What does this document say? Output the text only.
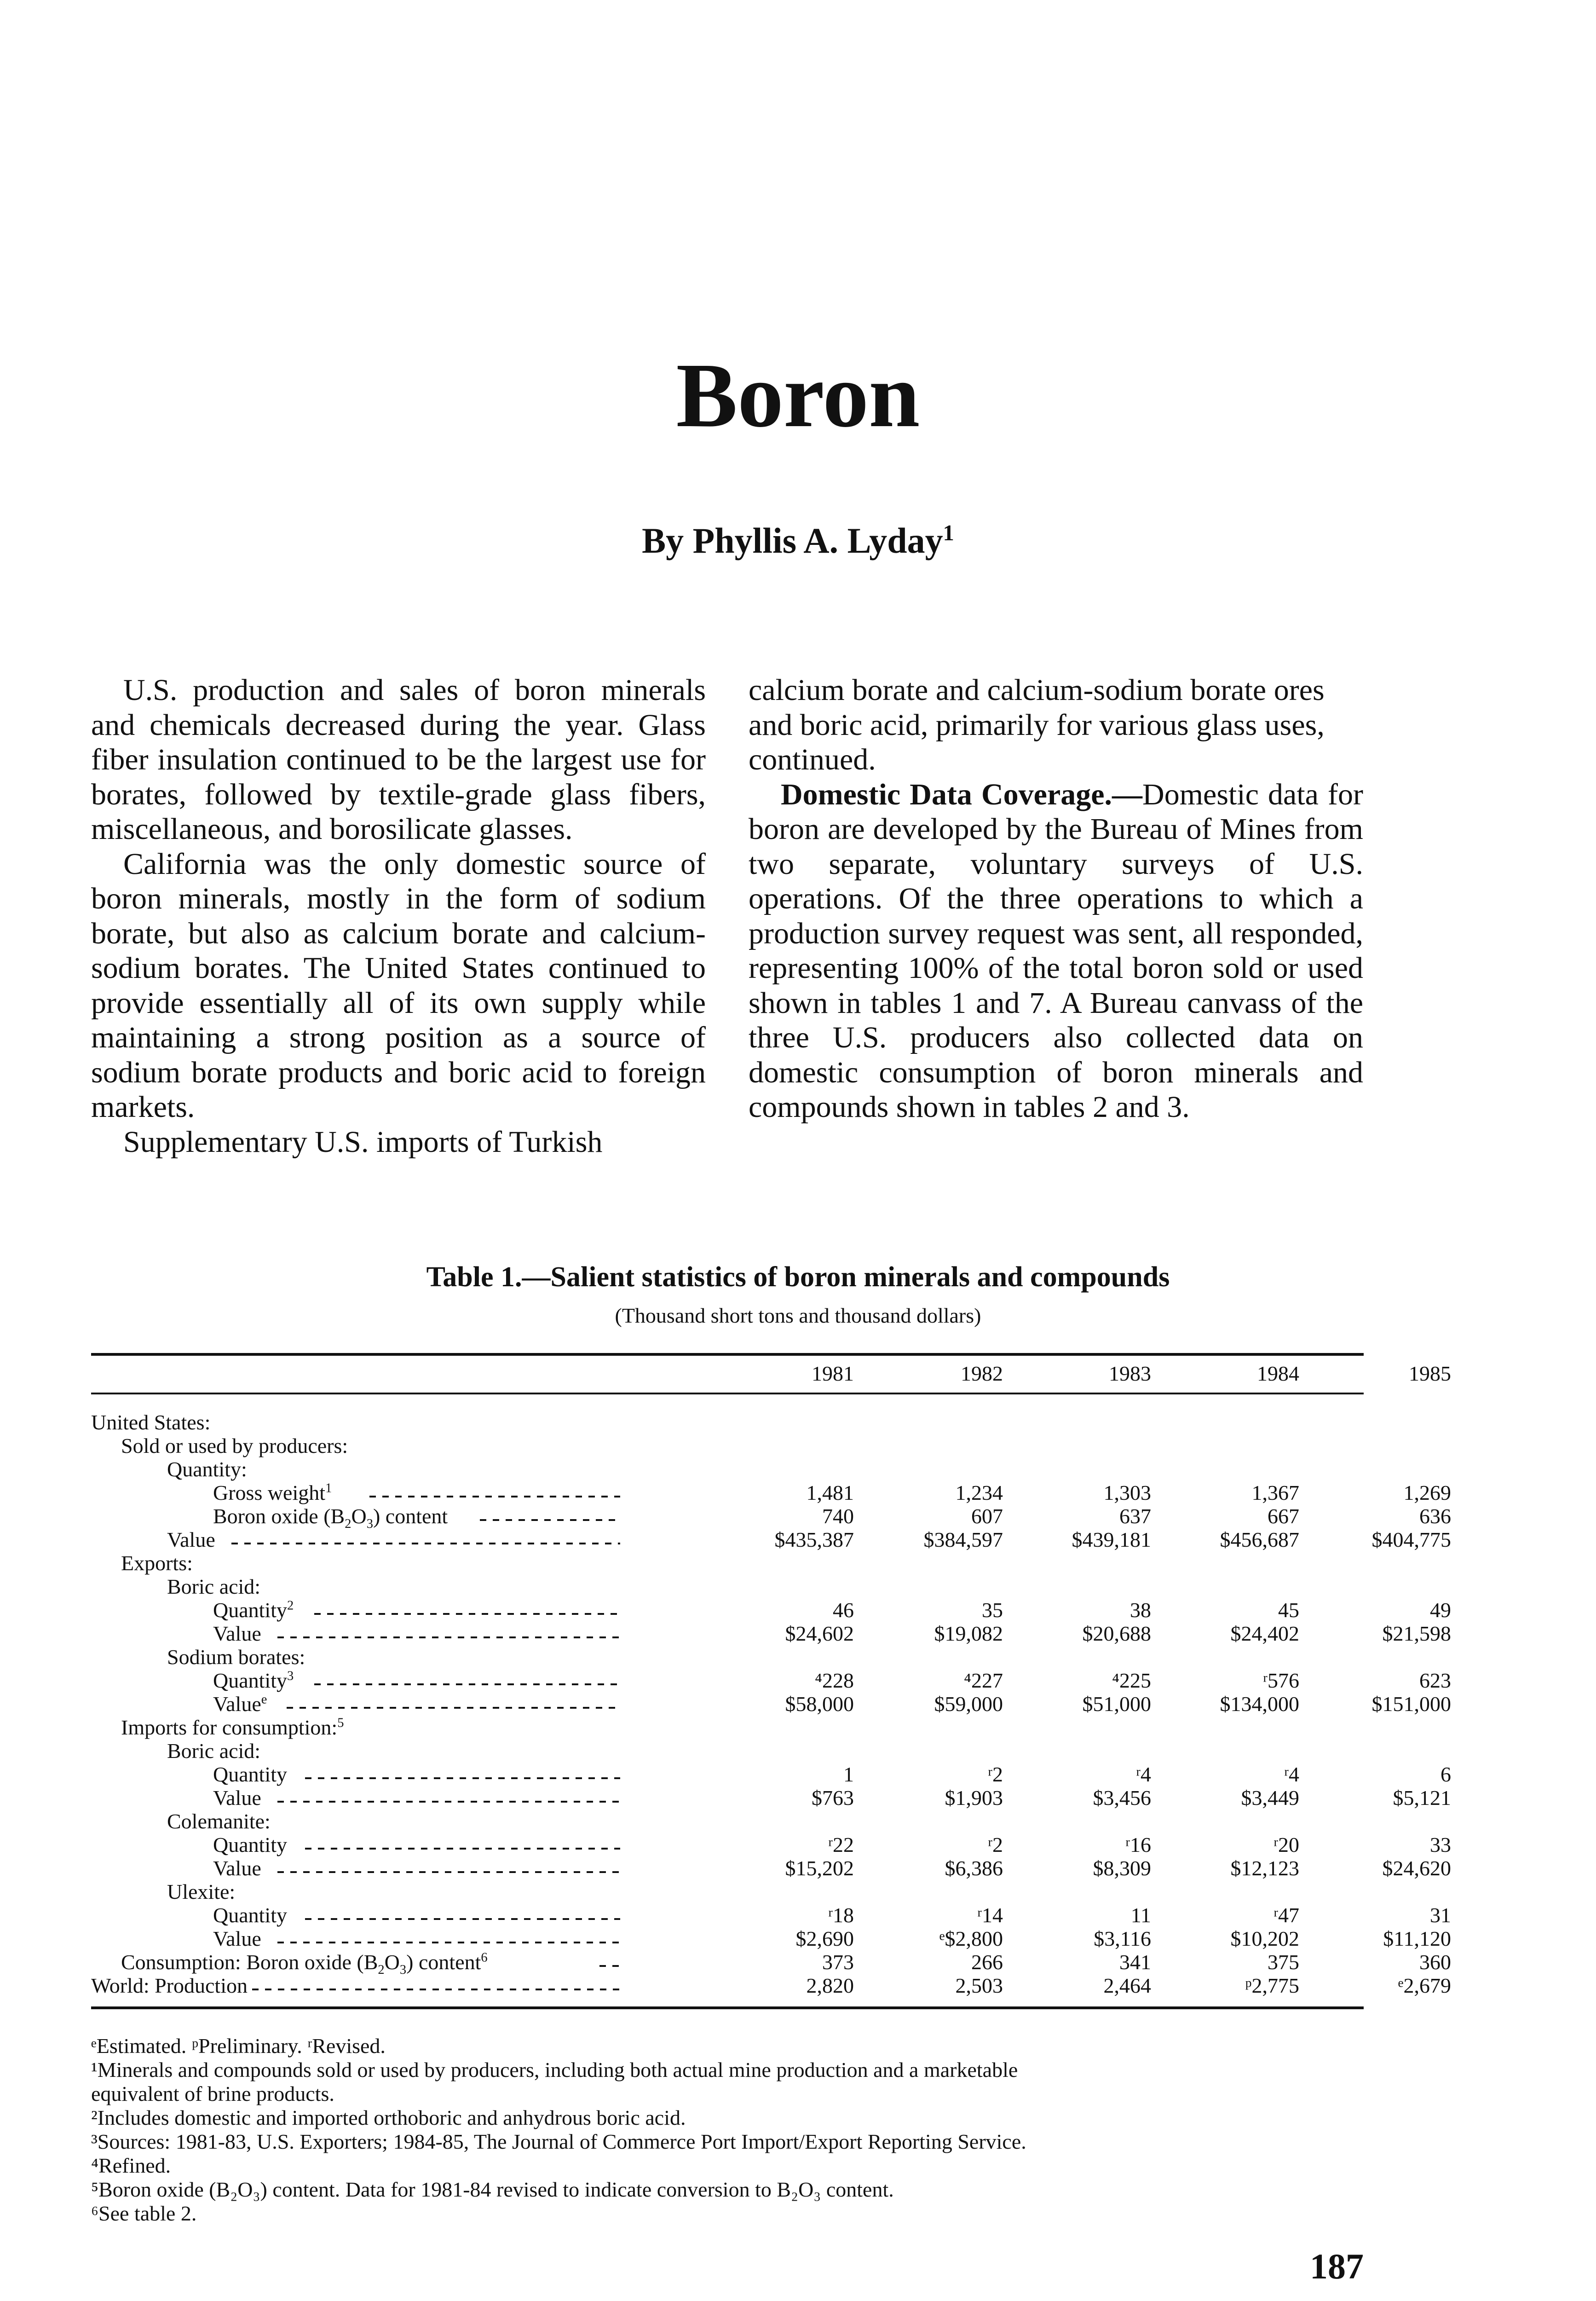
Boron
By Phyllis A. Lyday$^1$

U.S. production and sales of boron minerals and chemicals decreased during the year. Glass fiber insulation continued to be the largest use for borates, followed by textile-grade glass fibers, miscellaneous, and borosilicate glasses.

California was the only domestic source of boron minerals, mostly in the form of sodium borate, but also as calcium borate and calcium-sodium borates. The United States continued to provide essentially all of its own supply while maintaining a strong position as a source of sodium borate products and boric acid to foreign markets.

Supplementary U.S. imports of Turkish

calcium borate and calcium-sodium borate ores and boric acid, primarily for various glass uses, continued.

Domestic Data Coverage.—Domestic data for boron are developed by the Bureau of Mines from two separate, voluntary surveys of U.S. operations. Of the three operations to which a production survey request was sent, all responded, representing 100% of the total boron sold or used shown in tables 1 and 7. A Bureau canvass of the three U.S. producers also collected data on domestic consumption of boron minerals and compounds shown in tables 2 and 3.

Table 1.—Salient statistics of boron minerals and compounds
(Thousand short tons and thousand dollars)
1981	1982	1983	1984	1985
United States:
Sold or used by producers:
Quantity:
Gross weight$^1$	1,481	1,234	1,303	1,367	1,269
Boron oxide $(B_2O_3)$ content	740	607	637	667	636
Value	$435,387	$384,597	$439,181	$456,687	$404,775
Exports:
Boric acid:
Quantity$^2$	46	35	38	45	49
Value	$24,602	$19,082	$20,688	$24,402	$21,598
Sodium borates:
Quantity$^3$	⁴228	⁴227	⁴225	ʳ576	623
Value$^e$	$58,000	$59,000	$51,000	$134,000	$151,000
Imports for consumption:$^5$
Boric acid:
Quantity	1	ʳ2	ʳ4	ʳ4	6
Value	$763	$1,903	$3,456	$3,449	$5,121
Colemanite:
Quantity	ʳ22	ʳ2	ʳ16	ʳ20	33
Value	$15,202	$6,386	$8,309	$12,123	$24,620
Ulexite:
Quantity	ʳ18	ʳ14	11	ʳ47	31
Value	$2,690	ᵉ$2,800	$3,116	$10,202	$11,120
Consumption: Boron oxide $(B_2O_3)$ content$^6$	373	266	341	375	360
World: Production	2,820	2,503	2,464	ᵖ2,775	ᵉ2,679

ᵉEstimated. ᵖPreliminary. ʳRevised.

¹Minerals and compounds sold or used by producers, including both actual mine production and a marketable

equivalent of brine products.

²Includes domestic and imported orthoboric and anhydrous boric acid.

³Sources: 1981-83, U.S. Exporters; 1984-85, The Journal of Commerce Port Import/Export Reporting Service.

⁴Refined.

⁵Boron oxide (B₂O₃) content. Data for 1981-84 revised to indicate conversion to B₂O₃ content.

⁶See table 2.

187
